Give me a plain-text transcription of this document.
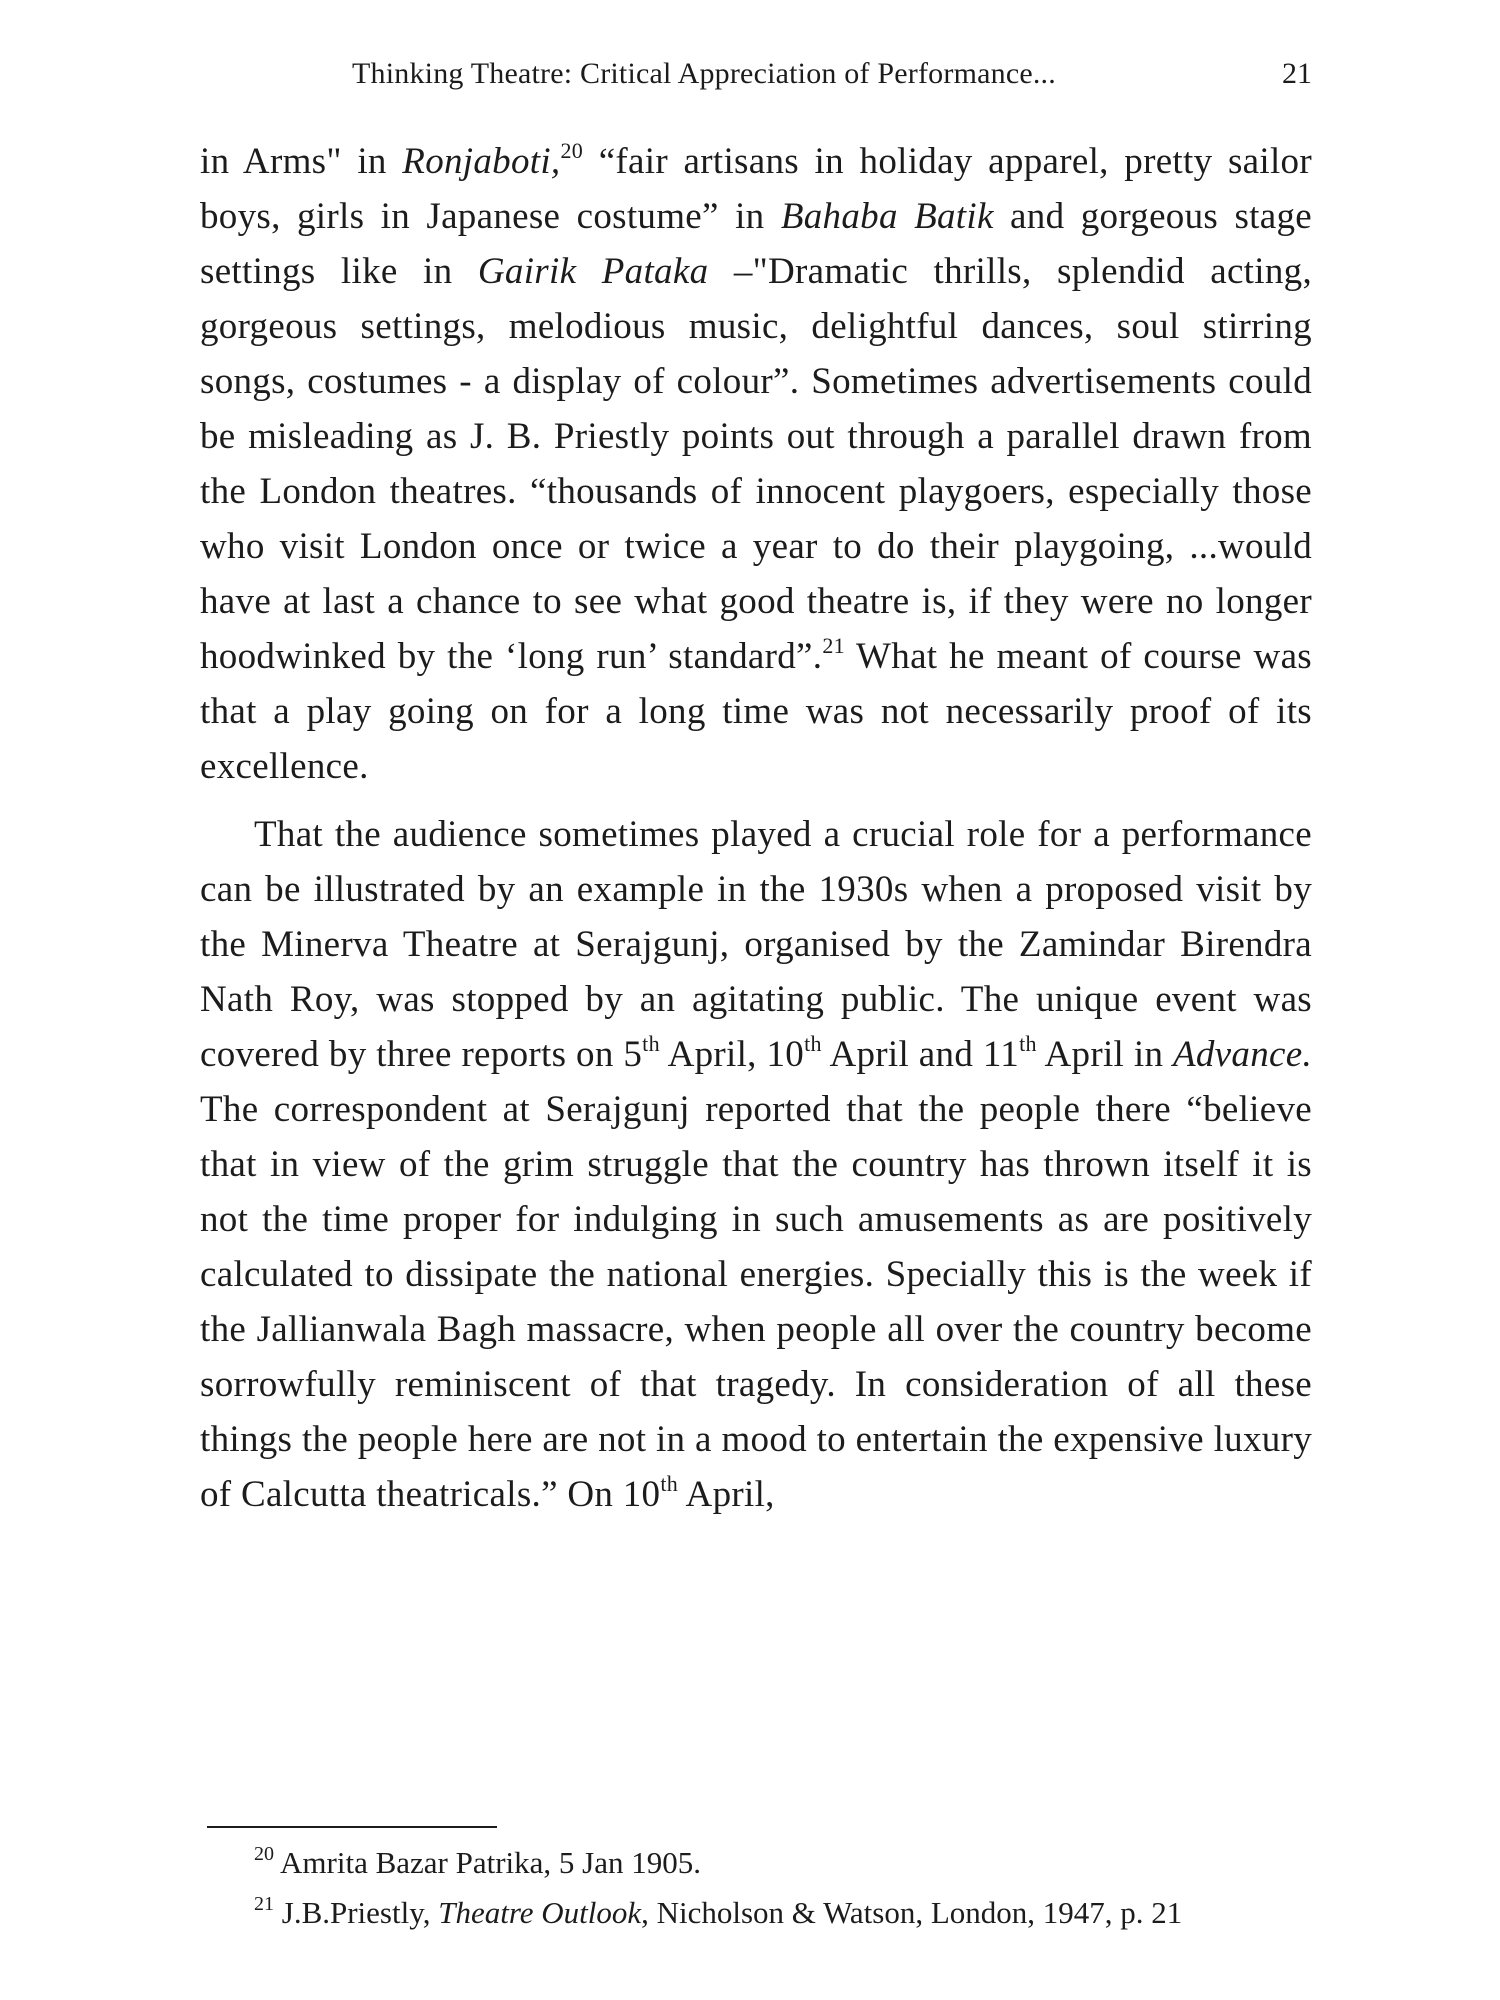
Thinking Theatre: Critical Appreciation of Performance...	21

in Arms" in Ronjaboti,$^{20}$ “fair artisans in holiday apparel, pretty sailor boys, girls in Japanese costume” in Bahaba Batik and gorgeous stage settings like in Gairik Pataka –"Dramatic thrills, splendid acting, gorgeous settings, melodious music, delightful dances, soul stirring songs, costumes - a display of colour”. Sometimes advertisements could be misleading as J. B. Priestly points out through a parallel drawn from the London theatres. “thousands of innocent playgoers, especially those who visit London once or twice a year to do their playgoing, ...would have at last a chance to see what good theatre is, if they were no longer hoodwinked by the ‘long run’ standard”.$^{21}$ What he meant of course was that a play going on for a long time was not necessarily proof of its excellence.

That the audience sometimes played a crucial role for a performance can be illustrated by an example in the 1930s when a proposed visit by the Minerva Theatre at Serajgunj, organised by the Zamindar Birendra Nath Roy, was stopped by an agitating public. The unique event was covered by three reports on 5th April, 10th April and 11th April in Advance. The correspondent at Serajgunj reported that the people there “believe that in view of the grim struggle that the country has thrown itself it is not the time proper for indulging in such amusements as are positively calculated to dissipate the national energies. Specially this is the week if the Jallianwala Bagh massacre, when people all over the country become sorrowfully reminiscent of that tragedy. In consideration of all these things the people here are not in a mood to entertain the expensive luxury of Calcutta theatricals.” On 10th April,

$^{20}$ Amrita Bazar Patrika, 5 Jan 1905.

$^{21}$ J.B.Priestly, Theatre Outlook, Nicholson & Watson, London, 1947, p. 21
